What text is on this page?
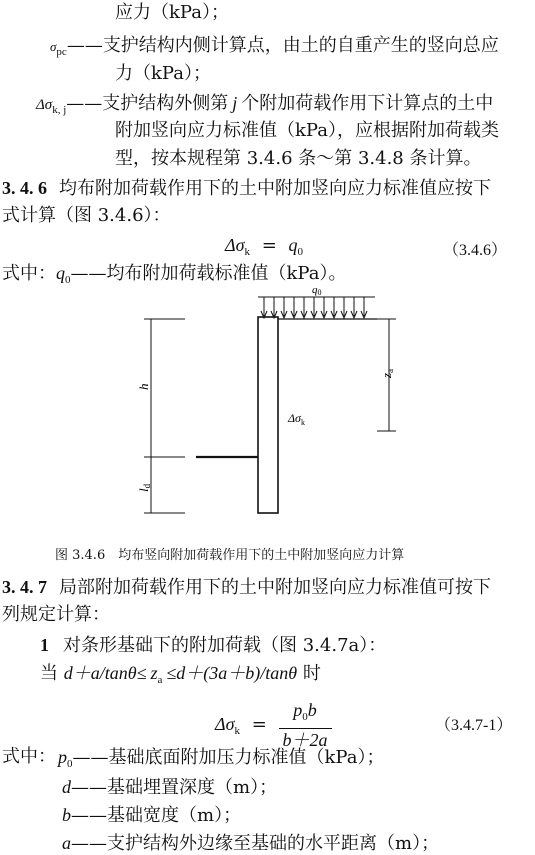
应力（kPa）；
$\sigma_{pc}——$支护结构内侧计算点，由土的自重产生的竖向总应
力（kPa）；
$\Delta\sigma_{k, j}——$支护结构外侧第 j 个附加荷载作用下计算点的土中
附加竖向应力标准值（kPa），应根据附加荷载类
型，按本规程第 3.4.6 条～第 3.4.8 条计算。
3. 4. 6 均布附加荷载作用下的土中附加竖向应力标准值应按下
式计算（图 3.4.6）：
$\Delta\sigma_k = q_0$	（3.4.6）
式中：$q_0——$均布附加荷载标准值（kPa）。
q0
h
ld
za
$\Delta\sigma_k$
图 3.4.6　均布竖向附加荷载作用下的土中附加竖向应力计算
3. 4. 7 局部附加荷载作用下的土中附加竖向应力标准值可按下
列规定计算：
1 对条形基础下的附加荷载（图 3.4.7a）：
当 $d+a/\tan\theta\le z_a \le d+(3a+b)/\tan\theta$ 时
$\Delta\sigma_k = \frac{p_0b}{b+2a}$	（3.4.7-1）
式中： $p_0——$基础底面附加压力标准值（kPa）；
d——基础埋置深度（m）；
b——基础宽度（m）；
a——支护结构外边缘至基础的水平距离（m）；
